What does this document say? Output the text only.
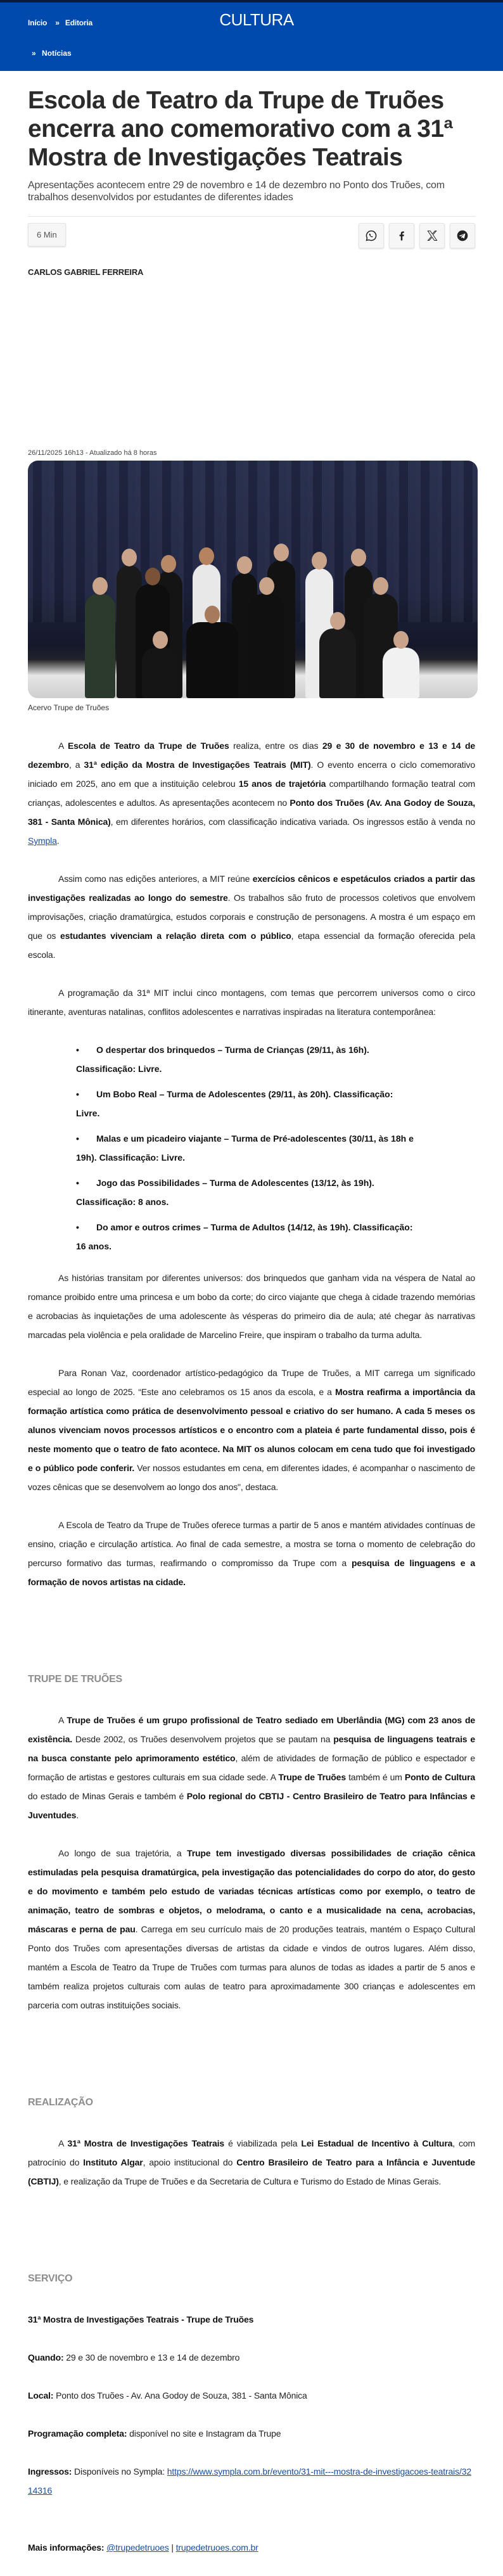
Início » Editoria	CULTURA
» Notícias
Escola de Teatro da Trupe de Truões encerra ano comemorativo com a 31ª Mostra de Investigações Teatrais

Apresentações acontecem entre 29 de novembro e 14 de dezembro no Ponto dos Truões, com trabalhos desenvolvidos por estudantes de diferentes idades

6 Min
CARLOS GABRIEL FERREIRA
26/11/2025 16h13 - Atualizado há 8 horas
Acervo Trupe de Truões

A Escola de Teatro da Trupe de Truões realiza, entre os dias 29 e 30 de novembro e 13 e 14 de dezembro, a 31ª edição da Mostra de Investigações Teatrais (MIT). O evento encerra o ciclo comemorativo iniciado em 2025, ano em que a instituição celebrou 15 anos de trajetória compartilhando formação teatral com crianças, adolescentes e adultos. As apresentações acontecem no Ponto dos Truões (Av. Ana Godoy de Souza, 381 - Santa Mônica), em diferentes horários, com classificação indicativa variada. Os ingressos estão à venda no Sympla.

Assim como nas edições anteriores, a MIT reúne exercícios cênicos e espetáculos criados a partir das investigações realizadas ao longo do semestre. Os trabalhos são fruto de processos coletivos que envolvem improvisações, criação dramatúrgica, estudos corporais e construção de personagens. A mostra é um espaço em que os estudantes vivenciam a relação direta com o público, etapa essencial da formação oferecida pela escola.

A programação da 31ª MIT inclui cinco montagens, com temas que percorrem universos como o circo itinerante, aventuras natalinas, conflitos adolescentes e narrativas inspiradas na literatura contemporânea:

• O despertar dos brinquedos – Turma de Crianças (29/11, às 16h). Classificação: Livre.
• Um Bobo Real – Turma de Adolescentes (29/11, às 20h). Classificação: Livre.
• Malas e um picadeiro viajante – Turma de Pré-adolescentes (30/11, às 18h e 19h). Classificação: Livre.
• Jogo das Possibilidades – Turma de Adolescentes (13/12, às 19h). Classificação: 8 anos.
• Do amor e outros crimes – Turma de Adultos (14/12, às 19h). Classificação: 16 anos.

As histórias transitam por diferentes universos: dos brinquedos que ganham vida na véspera de Natal ao romance proibido entre uma princesa e um bobo da corte; do circo viajante que chega à cidade trazendo memórias e acrobacias às inquietações de uma adolescente às vésperas do primeiro dia de aula; até chegar às narrativas marcadas pela violência e pela oralidade de Marcelino Freire, que inspiram o trabalho da turma adulta.

Para Ronan Vaz, coordenador artístico-pedagógico da Trupe de Truões, a MIT carrega um significado especial ao longo de 2025. “Este ano celebramos os 15 anos da escola, e a Mostra reafirma a importância da formação artística como prática de desenvolvimento pessoal e criativo do ser humano. A cada 5 meses os alunos vivenciam novos processos artísticos e o encontro com a plateia é parte fundamental disso, pois é neste momento que o teatro de fato acontece. Na MIT os alunos colocam em cena tudo que foi investigado e o público pode conferir. Ver nossos estudantes em cena, em diferentes idades, é acompanhar o nascimento de vozes cênicas que se desenvolvem ao longo dos anos", destaca.

A Escola de Teatro da Trupe de Truões oferece turmas a partir de 5 anos e mantém atividades contínuas de ensino, criação e circulação artística. Ao final de cada semestre, a mostra se torna o momento de celebração do percurso formativo das turmas, reafirmando o compromisso da Trupe com a pesquisa de linguagens e a formação de novos artistas na cidade.

TRUPE DE TRUÕES

A Trupe de Truões é um grupo profissional de Teatro sediado em Uberlândia (MG) com 23 anos de existência. Desde 2002, os Truões desenvolvem projetos que se pautam na pesquisa de linguagens teatrais e na busca constante pelo aprimoramento estético, além de atividades de formação de público e espectador e formação de artistas e gestores culturais em sua cidade sede. A Trupe de Truões também é um Ponto de Cultura do estado de Minas Gerais e também é Polo regional do CBTIJ - Centro Brasileiro de Teatro para Infâncias e Juventudes.

Ao longo de sua trajetória, a Trupe tem investigado diversas possibilidades de criação cênica estimuladas pela pesquisa dramatúrgica, pela investigação das potencialidades do corpo do ator, do gesto e do movimento e também pelo estudo de variadas técnicas artísticas como por exemplo, o teatro de animação, teatro de sombras e objetos, o melodrama, o canto e a musicalidade na cena, acrobacias, máscaras e perna de pau. Carrega em seu currículo mais de 20 produções teatrais, mantém o Espaço Cultural Ponto dos Truões com apresentações diversas de artistas da cidade e vindos de outros lugares. Além disso, mantém a Escola de Teatro da Trupe de Truões com turmas para alunos de todas as idades a partir de 5 anos e também realiza projetos culturais com aulas de teatro para aproximadamente 300 crianças e adolescentes em parceria com outras instituições sociais.

REALIZAÇÃO

A 31ª Mostra de Investigações Teatrais é viabilizada pela Lei Estadual de Incentivo à Cultura, com patrocínio do Instituto Algar, apoio institucional do Centro Brasileiro de Teatro para a Infância e Juventude (CBTIJ), e realização da Trupe de Truões e da Secretaria de Cultura e Turismo do Estado de Minas Gerais.

SERVIÇO

31ª Mostra de Investigações Teatrais - Trupe de Truões

Quando: 29 e 30 de novembro e 13 e 14 de dezembro

Local: Ponto dos Truões - Av. Ana Godoy de Souza, 381 - Santa Mônica

Programação completa: disponível no site e Instagram da Trupe

Ingressos: Disponíveis no Sympla: https://www.sympla.com.br/evento/31-mit---mostra-de-investigacoes-teatrais/3214316

Mais informações: @trupedetruoes | trupedetruoes.com.br
